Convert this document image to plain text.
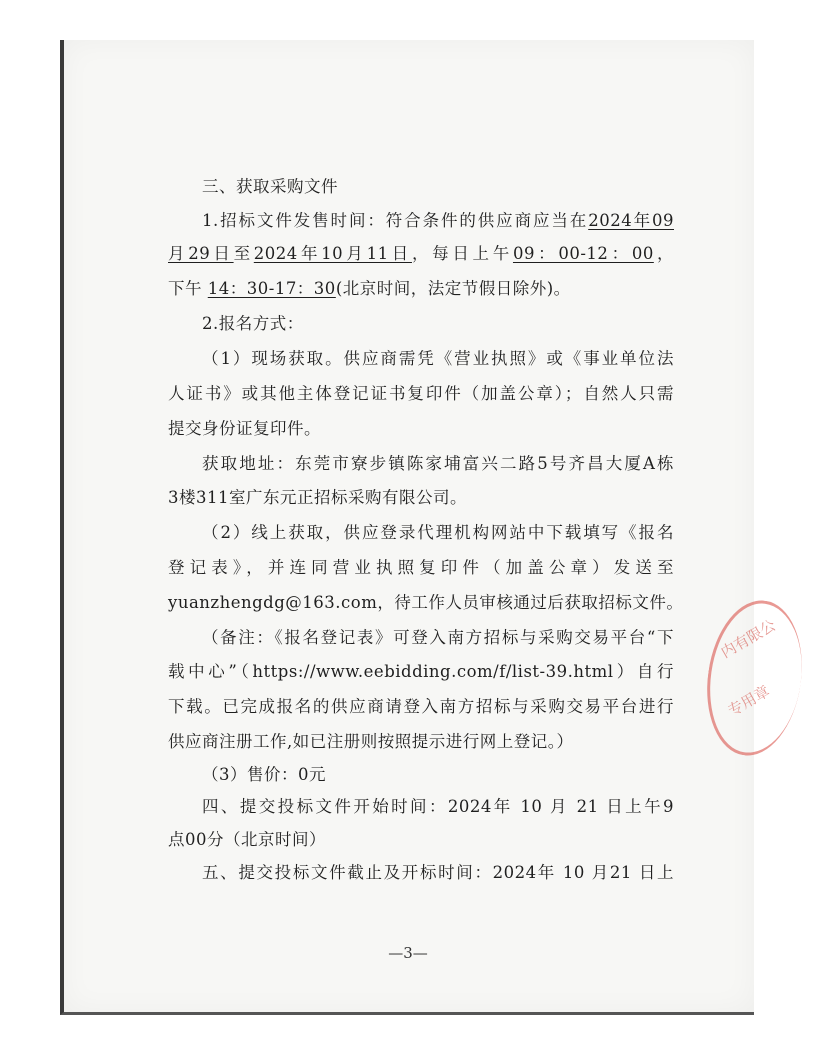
三、获取采购文件
1.招标文件发售时间：符合条件的供应商应当在2024年09
月29日至2024年10月11日，每日上午09：00-12：00，
下午 14：30-17：30(北京时间，法定节假日除外)。
2.报名方式：
（1）现场获取。供应商需凭《营业执照》或《事业单位法
人证书》或其他主体登记证书复印件（加盖公章）；自然人只需
提交身份证复印件。
获取地址：东莞市寮步镇陈家埔富兴二路5号齐昌大厦A栋
3楼311室广东元正招标采购有限公司。
（2）线上获取，供应登录代理机构网站中下载填写《报名
登记表》，并连同营业执照复印件（加盖公章）发送至
yuanzhengdg@163.com，待工作人员审核通过后获取招标文件。
（备注：《报名登记表》可登入南方招标与采购交易平台“下
载中心”（https://www.eebidding.com/f/list-39.html）自行
下载。已完成报名的供应商请登入南方招标与采购交易平台进行
供应商注册工作,如已注册则按照提示进行网上登记。）
（3）售价：0元
四、提交投标文件开始时间：2024年 10 月 21 日上午9
点00分（北京时间）
五、提交投标文件截止及开标时间：2024年 10 月21 日上
内有限公
专用章
—3—
